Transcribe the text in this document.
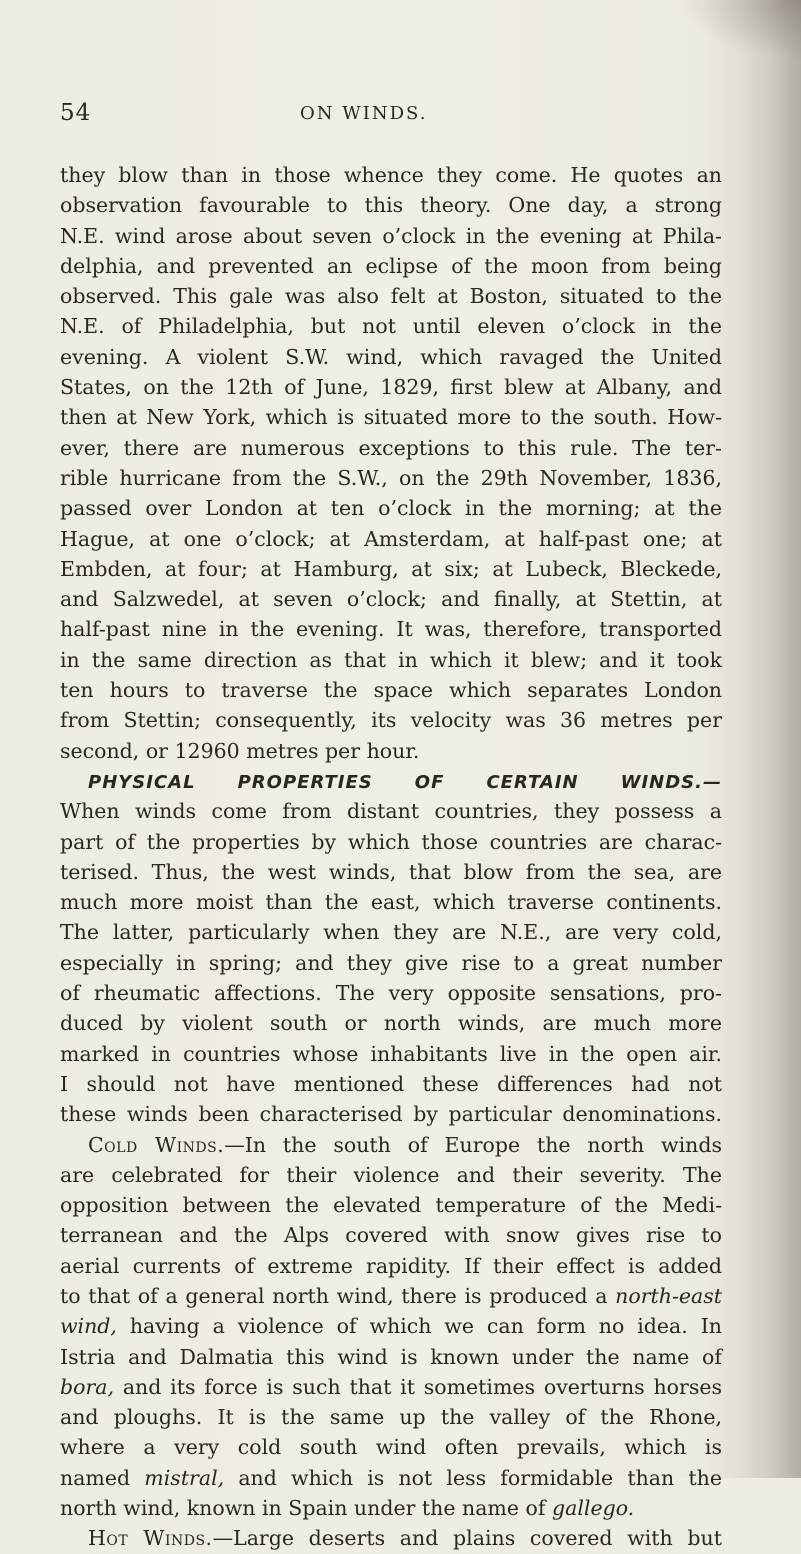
54	ON WINDS.
they blow than in those whence they come. He quotes an
observation favourable to this theory. One day, a strong
N.E. wind arose about seven o’clock in the evening at Phila-
delphia, and prevented an eclipse of the moon from being
observed. This gale was also felt at Boston, situated to the
N.E. of Philadelphia, but not until eleven o’clock in the
evening. A violent S.W. wind, which ravaged the United
States, on the 12th of June, 1829, first blew at Albany, and
then at New York, which is situated more to the south. How-
ever, there are numerous exceptions to this rule. The ter-
rible hurricane from the S.W., on the 29th November, 1836,
passed over London at ten o’clock in the morning; at the
Hague, at one o’clock; at Amsterdam, at half-past one; at
Embden, at four; at Hamburg, at six; at Lubeck, Bleckede,
and Salzwedel, at seven o’clock; and finally, at Stettin, at
half-past nine in the evening. It was, therefore, transported
in the same direction as that in which it blew; and it took
ten hours to traverse the space which separates London
from Stettin; consequently, its velocity was 36 metres per
second, or 12960 metres per hour.
PHYSICAL PROPERTIES OF CERTAIN WINDS.—
When winds come from distant countries, they possess a
part of the properties by which those countries are charac-
terised. Thus, the west winds, that blow from the sea, are
much more moist than the east, which traverse continents.
The latter, particularly when they are N.E., are very cold,
especially in spring; and they give rise to a great number
of rheumatic affections. The very opposite sensations, pro-
duced by violent south or north winds, are much more
marked in countries whose inhabitants live in the open air.
I should not have mentioned these differences had not
these winds been characterised by particular denominations.
Cold Winds.—In the south of Europe the north winds
are celebrated for their violence and their severity. The
opposition between the elevated temperature of the Medi-
terranean and the Alps covered with snow gives rise to
aerial currents of extreme rapidity. If their effect is added
to that of a general north wind, there is produced a north-east
wind, having a violence of which we can form no idea. In
Istria and Dalmatia this wind is known under the name of
bora, and its force is such that it sometimes overturns horses
and ploughs. It is the same up the valley of the Rhone,
where a very cold south wind often prevails, which is
named mistral, and which is not less formidable than the
north wind, known in Spain under the name of gallego.
Hot Winds.—Large deserts and plains covered with but
